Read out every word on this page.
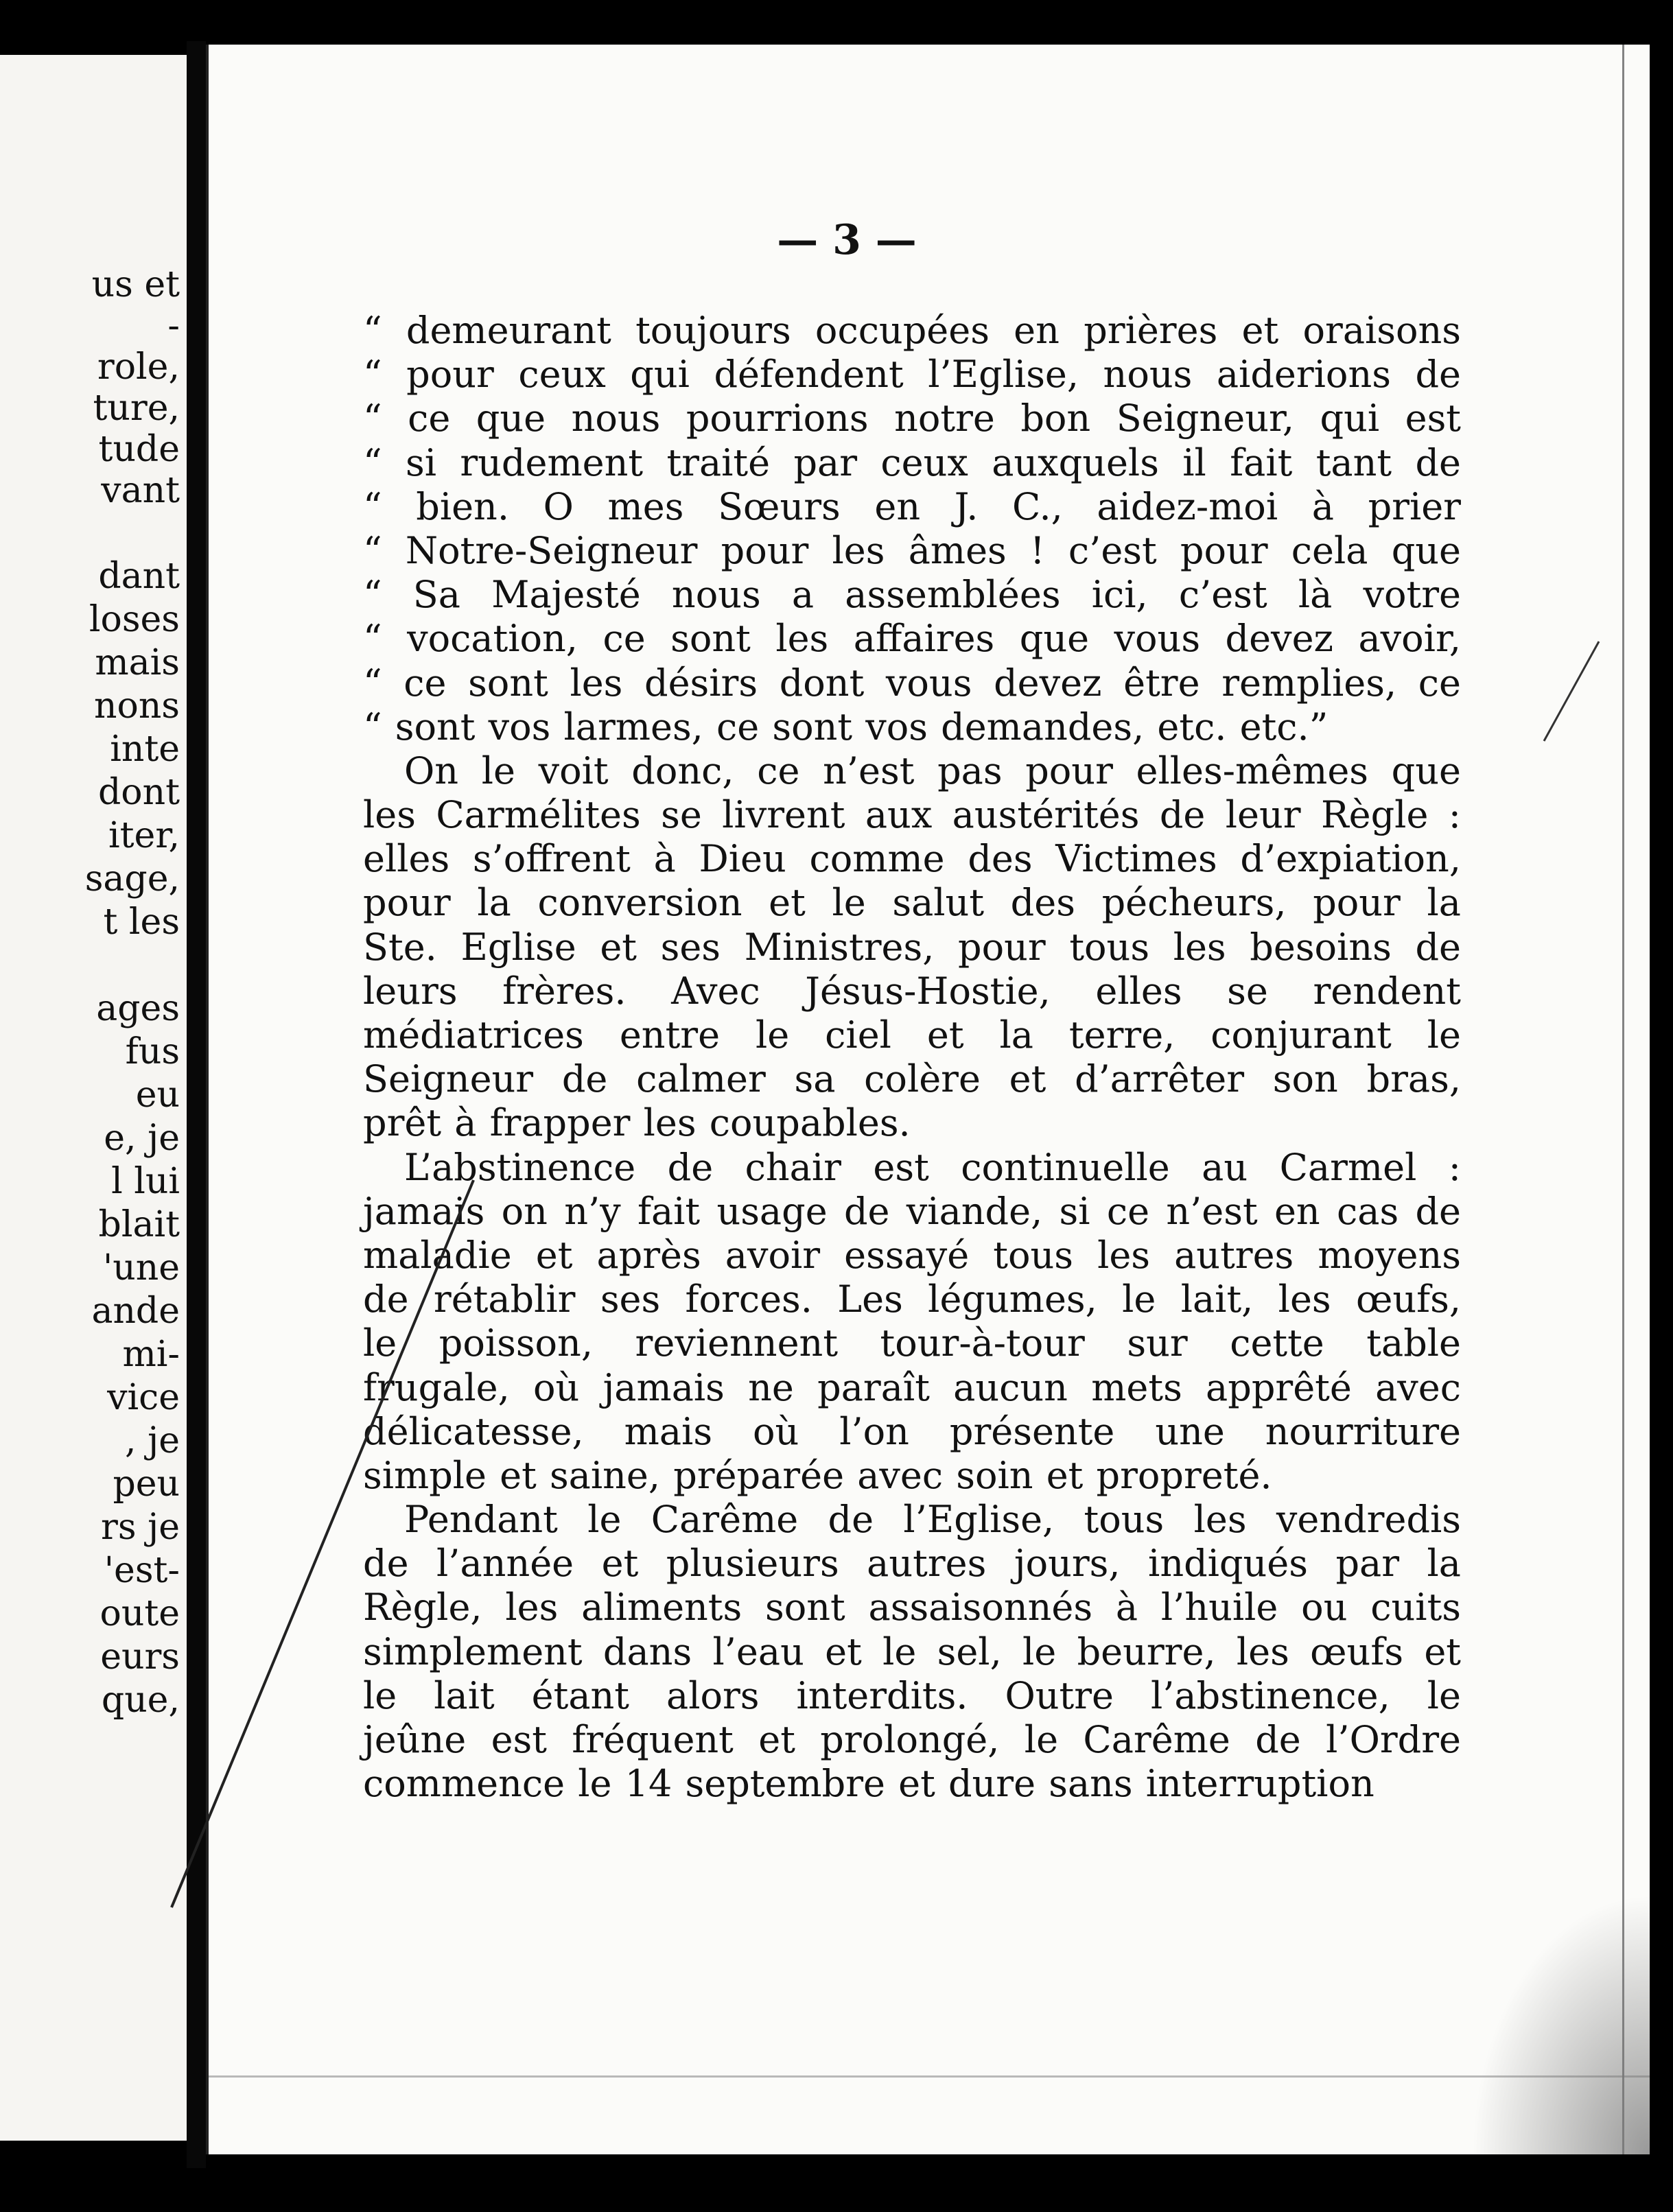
us et
-
role,
ture,
tude
vant
dant
loses
mais
nons
inte
dont
iter,
sage,
t les
ages
fus
eu
e, je
l lui
blait
'une
ande
mi-
vice
, je
peu
rs je
'est-
oute
eurs
que,
— 3 —
“ demeurant toujours occupées en prières et oraisons
“ pour ceux qui défendent l’Eglise, nous aiderions de
“ ce que nous pourrions notre bon Seigneur, qui est
“ si rudement traité par ceux auxquels il fait tant de
“ bien. O mes Sœurs en J. C., aidez-moi à prier
“ Notre-Seigneur pour les âmes ! c’est pour cela que
“ Sa Majesté nous a assemblées ici, c’est là votre
“ vocation, ce sont les affaires que vous devez avoir,
“ ce sont les désirs dont vous devez être remplies, ce
“ sont vos larmes, ce sont vos demandes, etc. etc.”
On le voit donc, ce n’est pas pour elles-mêmes que
les Carmélites se livrent aux austérités de leur Règle :
elles s’offrent à Dieu comme des Victimes d’expiation,
pour la conversion et le salut des pécheurs, pour la
Ste. Eglise et ses Ministres, pour tous les besoins de
leurs frères. Avec Jésus-Hostie, elles se rendent
médiatrices entre le ciel et la terre, conjurant le
Seigneur de calmer sa colère et d’arrêter son bras,
prêt à frapper les coupables.
L’abstinence de chair est continuelle au Carmel :
jamais on n’y fait usage de viande, si ce n’est en cas de
maladie et après avoir essayé tous les autres moyens
de rétablir ses forces. Les légumes, le lait, les œufs,
le poisson, reviennent tour-à-tour sur cette table
frugale, où jamais ne paraît aucun mets apprêté avec
délicatesse, mais où l’on présente une nourriture
simple et saine, préparée avec soin et propreté.
Pendant le Carême de l’Eglise, tous les vendredis
de l’année et plusieurs autres jours, indiqués par la
Règle, les aliments sont assaisonnés à l’huile ou cuits
simplement dans l’eau et le sel, le beurre, les œufs et
le lait étant alors interdits. Outre l’abstinence, le
jeûne est fréquent et prolongé, le Carême de l’Ordre
commence le 14 septembre et dure sans interruption
